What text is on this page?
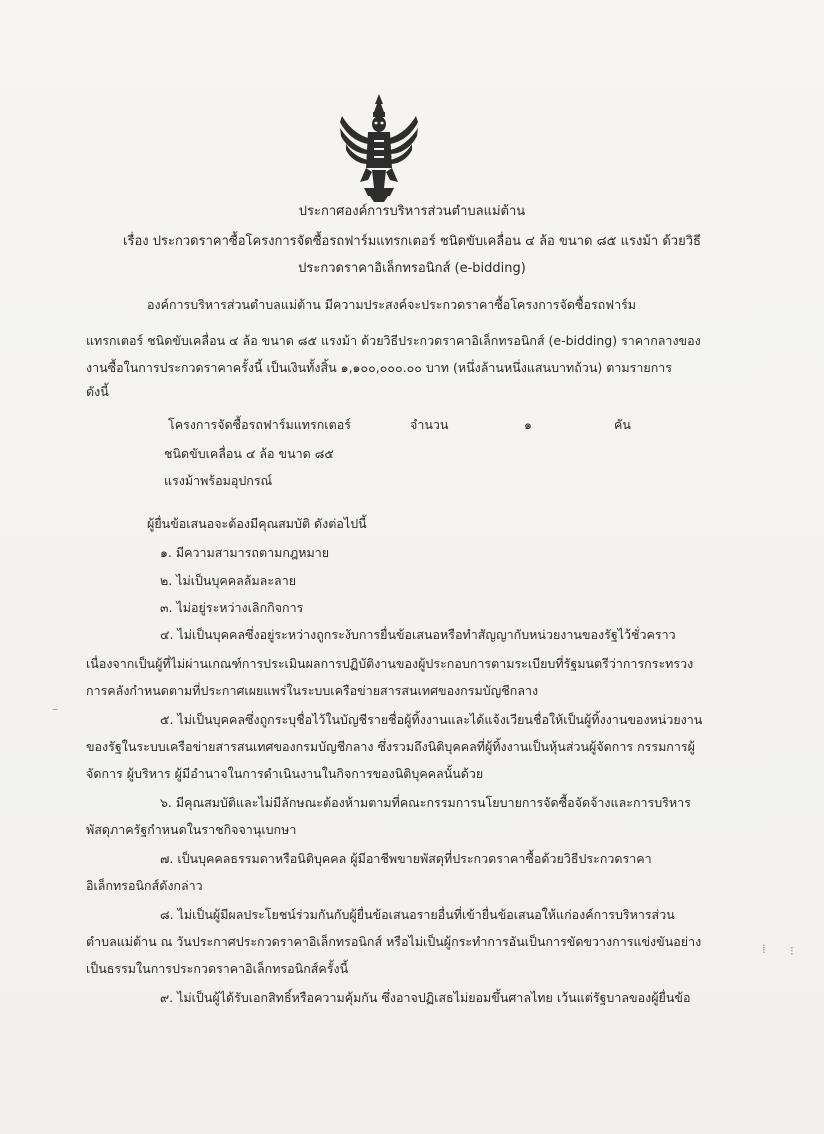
ประกาศองค์การบริหารส่วนตำบลแม่ต้าน
เรื่อง ประกวดราคาซื้อโครงการจัดซื้อรถฟาร์มแทรกเตอร์ ชนิดขับเคลื่อน ๔ ล้อ ขนาด ๘๕ แรงม้า ด้วยวิธี
ประกวดราคาอิเล็กทรอนิกส์ (e-bidding)
องค์การบริหารส่วนตำบลแม่ต้าน มีความประสงค์จะประกวดราคาซื้อโครงการจัดซื้อรถฟาร์ม
แทรกเตอร์ ชนิดขับเคลื่อน ๔ ล้อ ขนาด ๘๕ แรงม้า ด้วยวิธีประกวดราคาอิเล็กทรอนิกส์ (e-bidding) ราคากลางของ
งานซื้อในการประกวดราคาครั้งนี้ เป็นเงินทั้งสิ้น ๑,๑๐๐,๐๐๐.๐๐ บาท (หนึ่งล้านหนึ่งแสนบาทถ้วน) ตามรายการ
ดังนี้
โครงการจัดซื้อรถฟาร์มแทรกเตอร์	จำนวน	๑	คัน
ชนิดขับเคลื่อน ๔ ล้อ ขนาด ๘๕
แรงม้าพร้อมอุปกรณ์
ผู้ยื่นข้อเสนอจะต้องมีคุณสมบัติ ดังต่อไปนี้
๑. มีความสามารถตามกฎหมาย
๒. ไม่เป็นบุคคลล้มละลาย
๓. ไม่อยู่ระหว่างเลิกกิจการ
๔. ไม่เป็นบุคคลซึ่งอยู่ระหว่างถูกระงับการยื่นข้อเสนอหรือทำสัญญากับหน่วยงานของรัฐไว้ชั่วคราว
เนื่องจากเป็นผู้ที่ไม่ผ่านเกณฑ์การประเมินผลการปฏิบัติงานของผู้ประกอบการตามระเบียบที่รัฐมนตรีว่าการกระทรวง
การคลังกำหนดตามที่ประกาศเผยแพร่ในระบบเครือข่ายสารสนเทศของกรมบัญชีกลาง
๕. ไม่เป็นบุคคลซึ่งถูกระบุชื่อไว้ในบัญชีรายชื่อผู้ทิ้งงานและได้แจ้งเวียนชื่อให้เป็นผู้ทิ้งงานของหน่วยงาน
ของรัฐในระบบเครือข่ายสารสนเทศของกรมบัญชีกลาง ซึ่งรวมถึงนิติบุคคลที่ผู้ทิ้งงานเป็นหุ้นส่วนผู้จัดการ กรรมการผู้
จัดการ ผู้บริหาร ผู้มีอำนาจในการดำเนินงานในกิจการของนิติบุคคลนั้นด้วย
๖. มีคุณสมบัติและไม่มีลักษณะต้องห้ามตามที่คณะกรรมการนโยบายการจัดซื้อจัดจ้างและการบริหาร
พัสดุภาครัฐกำหนดในราชกิจจานุเบกษา
๗. เป็นบุคคลธรรมดาหรือนิติบุคคล ผู้มีอาชีพขายพัสดุที่ประกวดราคาซื้อด้วยวิธีประกวดราคา
อิเล็กทรอนิกส์ดังกล่าว
๘. ไม่เป็นผู้มีผลประโยชน์ร่วมกันกับผู้ยื่นข้อเสนอรายอื่นที่เข้ายื่นข้อเสนอให้แก่องค์การบริหารส่วน
ตำบลแม่ต้าน ณ วันประกาศประกวดราคาอิเล็กทรอนิกส์ หรือไม่เป็นผู้กระทำการอันเป็นการขัดขวางการแข่งขันอย่าง
เป็นธรรมในการประกวดราคาอิเล็กทรอนิกส์ครั้งนี้
๙. ไม่เป็นผู้ได้รับเอกสิทธิ์หรือความคุ้มกัน ซึ่งอาจปฏิเสธไม่ยอมขึ้นศาลไทย เว้นแต่รัฐบาลของผู้ยื่นข้อ
–
⁞ ⁝
